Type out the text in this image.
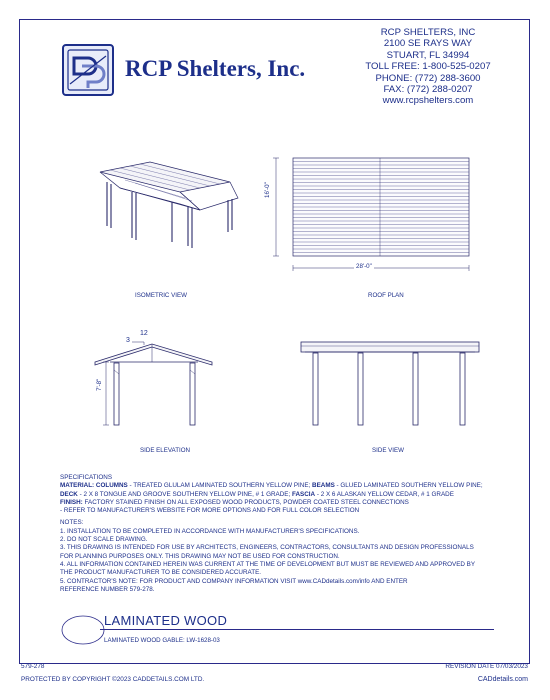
RCP Shelters, Inc.
RCP SHELTERS, INC
2100 SE RAYS WAY
STUART, FL 34994
TOLL FREE: 1-800-525-0207
PHONE: (772) 288-3600
FAX: (772) 288-0207
www.rcpshelters.com
ISOMETRIC VIEW
28'-0"
16'-0"
ROOF PLAN
12
3
7'-8"
SIDE ELEVATION	SIDE VIEW
SPECIFICATIONS
MATERIAL: COLUMNS - TREATED GLULAM LAMINATED SOUTHERN YELLOW PINE; BEAMS - GLUED LAMINATED SOUTHERN YELLOW PINE;
DECK - 2 X 8 TONGUE AND GROOVE SOUTHERN YELLOW PINE, # 1 GRADE; FASCIA - 2 X 6 ALASKAN YELLOW CEDAR, # 1 GRADE
FINISH: FACTORY STAINED FINISH ON ALL EXPOSED WOOD PRODUCTS, POWDER COATED STEEL CONNECTIONS
- REFER TO MANUFACTURER'S WEBSITE FOR MORE OPTIONS AND FOR FULL COLOR SELECTION
NOTES:
1. INSTALLATION TO BE COMPLETED IN ACCORDANCE WITH MANUFACTURER'S SPECIFICATIONS.
2. DO NOT SCALE DRAWING.
3. THIS DRAWING IS INTENDED FOR USE BY ARCHITECTS, ENGINEERS, CONTRACTORS, CONSULTANTS AND DESIGN PROFESSIONALS
FOR PLANNING PURPOSES ONLY. THIS DRAWING MAY NOT BE USED FOR CONSTRUCTION.
4. ALL INFORMATION CONTAINED HEREIN WAS CURRENT AT THE TIME OF DEVELOPMENT BUT MUST BE REVIEWED AND APPROVED BY
THE PRODUCT MANUFACTURER TO BE CONSIDERED ACCURATE.
5. CONTRACTOR'S NOTE: FOR PRODUCT AND COMPANY INFORMATION VISIT www.CADdetails.com/info AND ENTER
REFERENCE NUMBER 579-278.
LAMINATED WOOD
LAMINATED WOOD GABLE: LW-1628-03
579-278	REVISION DATE 07/03/2023
PROTECTED BY COPYRIGHT ©2023 CADDETAILS.COM LTD.	CADdetails.com
